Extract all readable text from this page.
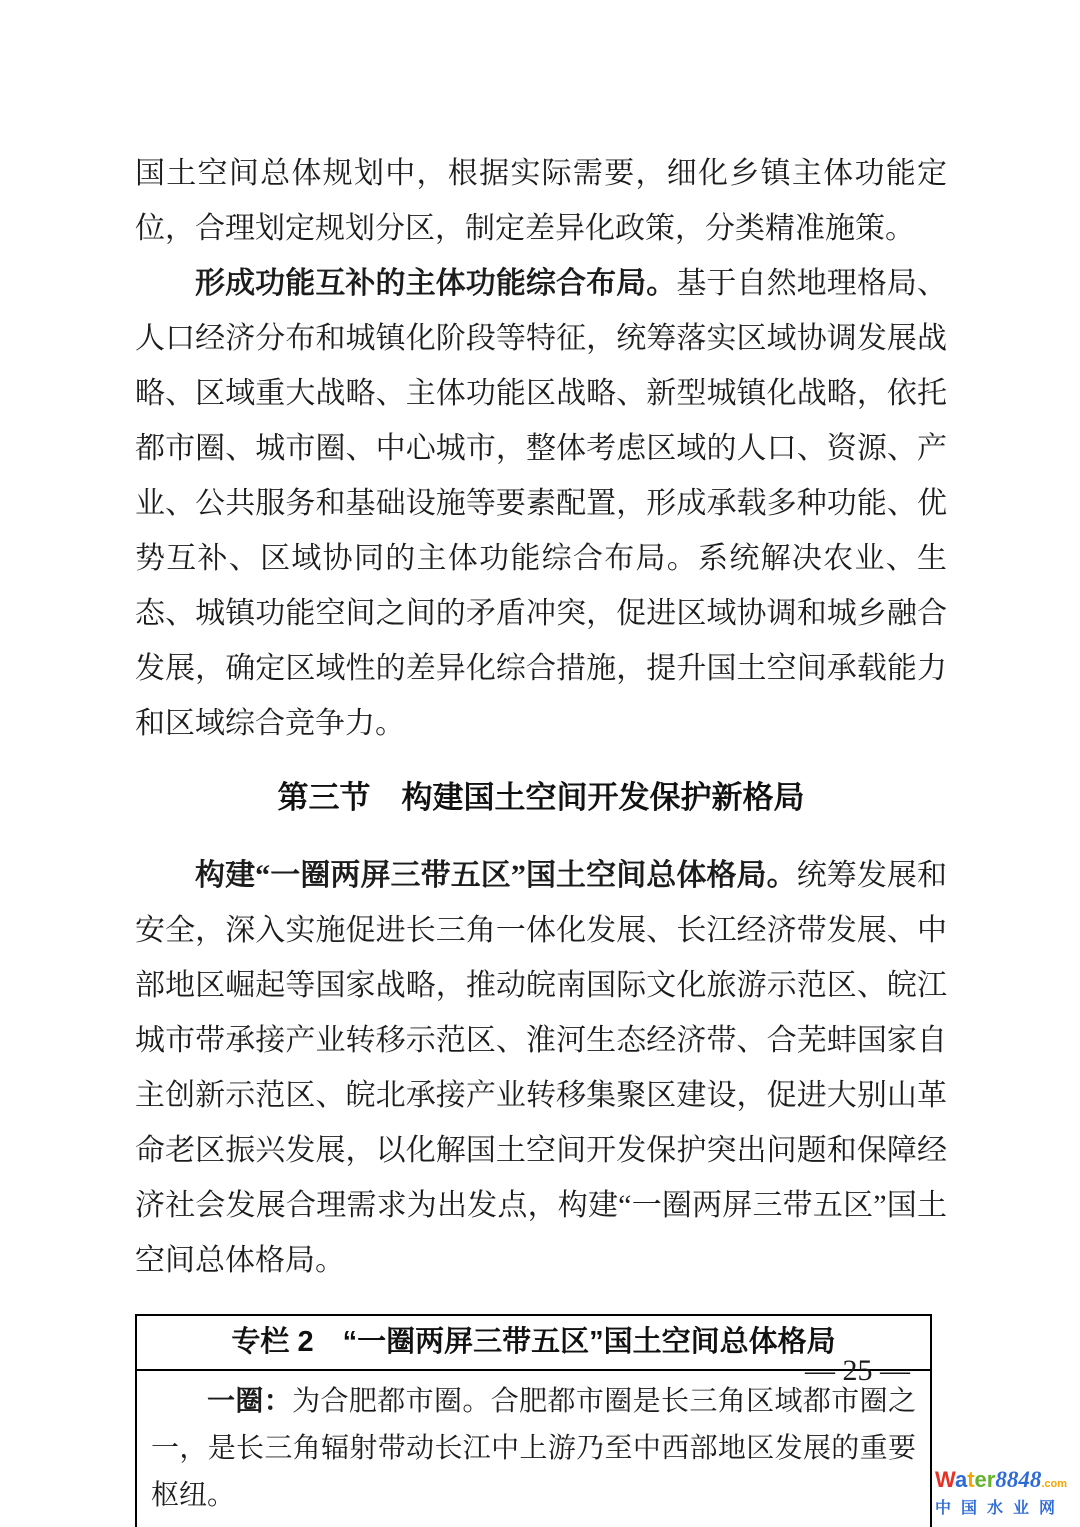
国土空间总体规划中，根据实际需要，细化乡镇主体功能定位，合理划定规划分区，制定差异化政策，分类精准施策。

形成功能互补的主体功能综合布局。基于自然地理格局、人口经济分布和城镇化阶段等特征，统筹落实区域协调发展战略、区域重大战略、主体功能区战略、新型城镇化战略，依托都市圈、城市圈、中心城市，整体考虑区域的人口、资源、产业、公共服务和基础设施等要素配置，形成承载多种功能、优势互补、区域协同的主体功能综合布局。系统解决农业、生态、城镇功能空间之间的矛盾冲突，促进区域协调和城乡融合发展，确定区域性的差异化综合措施，提升国土空间承载能力和区域综合竞争力。

第三节　构建国土空间开发保护新格局

构建“一圈两屏三带五区”国土空间总体格局。统筹发展和安全，深入实施促进长三角一体化发展、长江经济带发展、中部地区崛起等国家战略，推动皖南国际文化旅游示范区、皖江城市带承接产业转移示范区、淮河生态经济带、合芜蚌国家自主创新示范区、皖北承接产业转移集聚区建设，促进大别山革命老区振兴发展，以化解国土空间开发保护突出问题和保障经济社会发展合理需求为出发点，构建“一圈两屏三带五区”国土空间总体格局。

专栏 2　“一圈两屏三带五区”国土空间总体格局

一圈：为合肥都市圈。合肥都市圈是长三角区域都市圈之一，是长三角辐射带动长江中上游乃至中西部地区发展的重要枢纽。

— 25 —
Water8848.com
中国水业网
